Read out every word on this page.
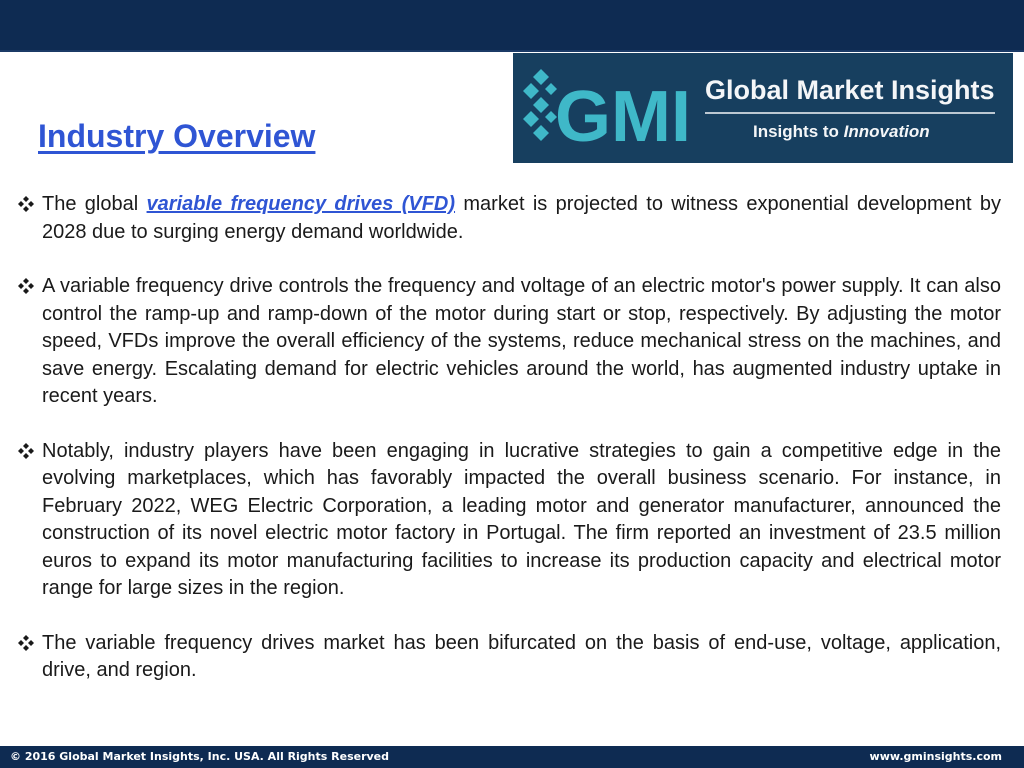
Industry Overview	GMI Global Market Insights
Insights to Innovation
The global variable frequency drives (VFD) market is projected to witness exponential development by 2028 due to surging energy demand worldwide.
A variable frequency drive controls the frequency and voltage of an electric motor's power supply. It can also control the ramp-up and ramp-down of the motor during start or stop, respectively. By adjusting the motor speed, VFDs improve the overall efficiency of the systems, reduce mechanical stress on the machines, and save energy. Escalating demand for electric vehicles around the world, has augmented industry uptake in recent years.
Notably, industry players have been engaging in lucrative strategies to gain a competitive edge in the evolving marketplaces, which has favorably impacted the overall business scenario. For instance, in February 2022, WEG Electric Corporation, a leading motor and generator manufacturer, announced the construction of its novel electric motor factory in Portugal. The firm reported an investment of 23.5 million euros to expand its motor manufacturing facilities to increase its production capacity and electrical motor range for large sizes in the region.
The variable frequency drives market has been bifurcated on the basis of end-use, voltage, application, drive, and region.
© 2016 Global Market Insights, Inc. USA. All Rights Reserved	www.gminsights.com
